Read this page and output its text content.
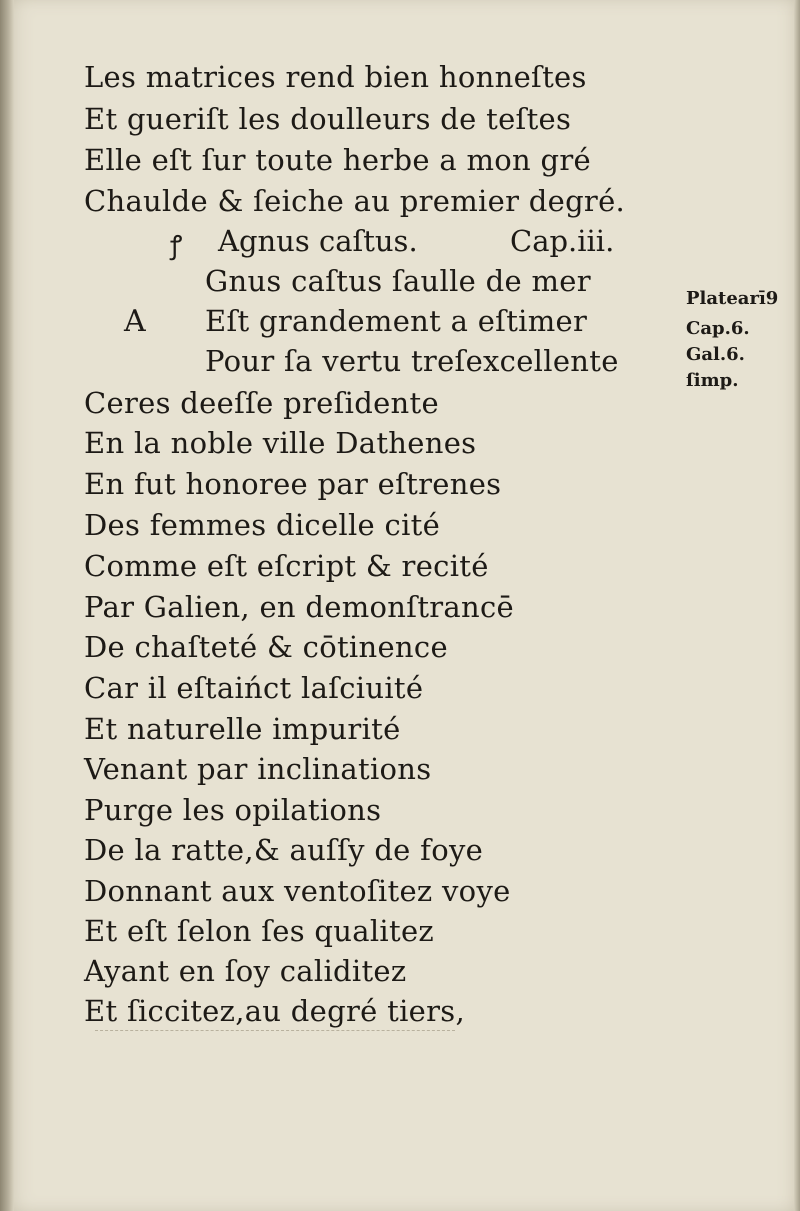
Les matrices rend bien honneſtes
Et gueriſt les doulleurs de teſtes
Elle eſt ſur toute herbe a mon gré
Chaulde & ſeiche au premier degré.
ꝭ Agnus caſtus.	Cap.iii.
A
Gnus caſtus ſaulle de mer
Eſt grandement a eſtimer
Pour ſa vertu treſexcellente
Ceres deeſſe preſidente
En la noble ville Dathenes
En fut honoree par eſtrenes
Des femmes dicelle cité
Comme eſt eſcript & recité
Par Galien, en demonſtrancē
De chaſteté & cōtinence
Car il eſtaińct laſciuité
Et naturelle impurité
Venant par inclinations
Purge les opilations
De la ratte,& auſſy de foye
Donnant aux ventoſitez voye
Et eſt ſelon ſes qualitez
Ayant en ſoy caliditez
Et ſiccitez,au degré tiers,
Platearī9
Cap.6.
Gal.6.
ſimp.
